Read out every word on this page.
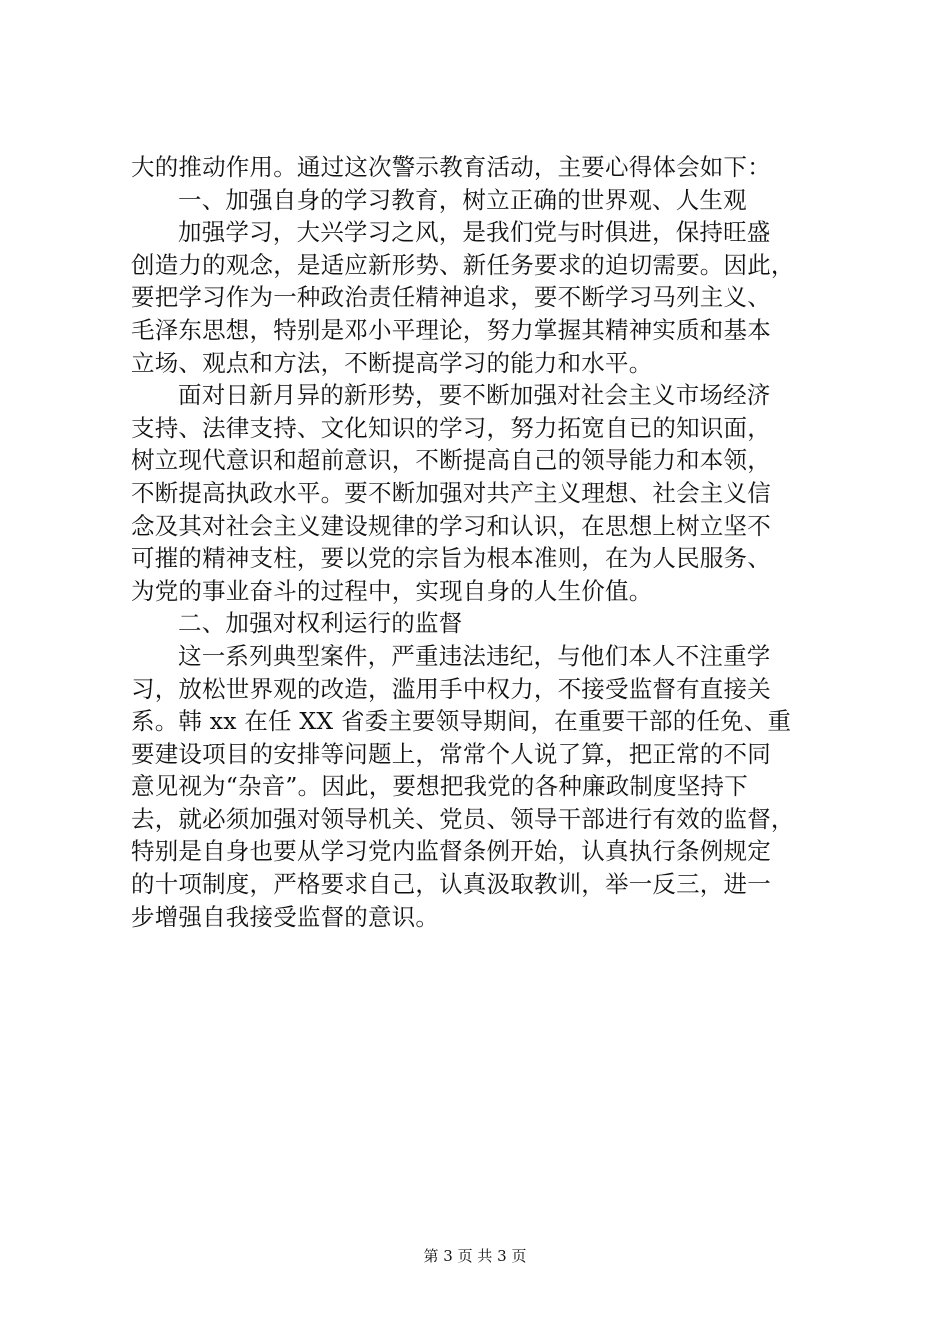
大的推动作用。通过这次警示教育活动，主要心得体会如下：
一、加强自身的学习教育，树立正确的世界观、人生观
加强学习，大兴学习之风，是我们党与时俱进，保持旺盛
创造力的观念，是适应新形势、新任务要求的迫切需要。因此，
要把学习作为一种政治责任精神追求，要不断学习马列主义、
毛泽东思想，特别是邓小平理论，努力掌握其精神实质和基本
立场、观点和方法，不断提高学习的能力和水平。
面对日新月异的新形势，要不断加强对社会主义市场经济
支持、法律支持、文化知识的学习，努力拓宽自已的知识面，
树立现代意识和超前意识，不断提高自己的领导能力和本领，
不断提高执政水平。要不断加强对共产主义理想、社会主义信
念及其对社会主义建设规律的学习和认识，在思想上树立坚不
可摧的精神支柱，要以党的宗旨为根本准则，在为人民服务、
为党的事业奋斗的过程中，实现自身的人生价值。
二、加强对权利运行的监督
这一系列典型案件，严重违法违纪，与他们本人不注重学
习，放松世界观的改造，滥用手中权力，不接受监督有直接关
系。韩 xx 在任 XX 省委主要领导期间，在重要干部的任免、重
要建设项目的安排等问题上，常常个人说了算，把正常的不同
意见视为“杂音”。因此，要想把我党的各种廉政制度坚持下
去，就必须加强对领导机关、党员、领导干部进行有效的监督，
特别是自身也要从学习党内监督条例开始，认真执行条例规定
的十项制度，严格要求自己，认真汲取教训，举一反三，进一
步增强自我接受监督的意识。
第 3 页 共 3 页
